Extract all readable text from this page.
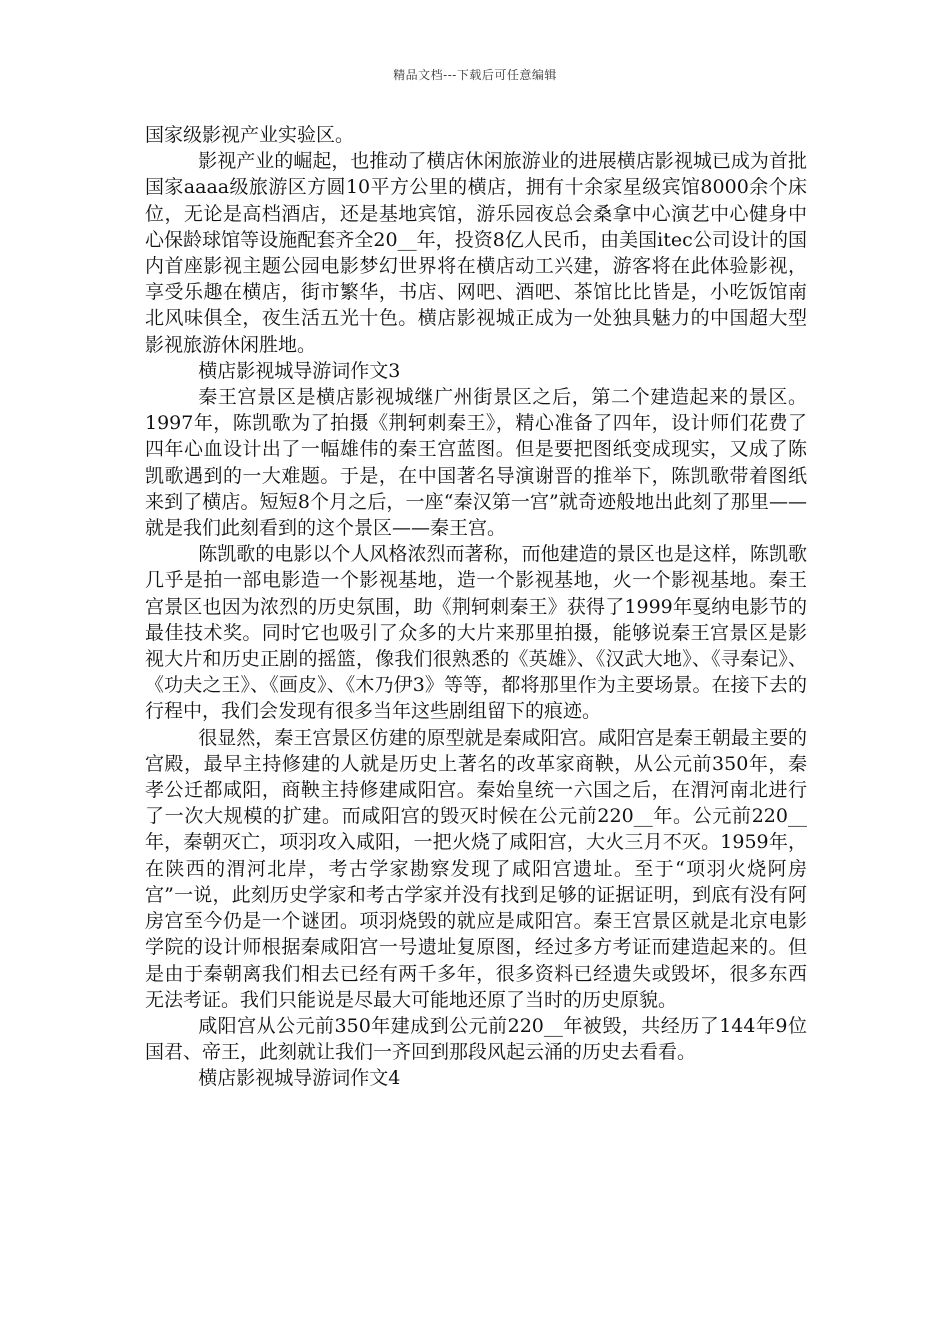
精品文档---下载后可任意编辑

国家级影视产业实验区。

影视产业的崛起，也推动了横店休闲旅游业的进展横店影视城已成为首批国家aaaa级旅游区方圆10平方公里的横店，拥有十余家星级宾馆8000余个床位，无论是高档酒店，还是基地宾馆，游乐园夜总会桑拿中心演艺中心健身中心保龄球馆等设施配套齐全20__年，投资8亿人民币，由美国itec公司设计的国内首座影视主题公园电影梦幻世界将在横店动工兴建，游客将在此体验影视，享受乐趣在横店，街市繁华，书店、网吧、酒吧、茶馆比比皆是，小吃饭馆南北风味俱全，夜生活五光十色。横店影视城正成为一处独具魅力的中国超大型影视旅游休闲胜地。

横店影视城导游词作文3

秦王宫景区是横店影视城继广州街景区之后，第二个建造起来的景区。1997年，陈凯歌为了拍摄《荆轲刺秦王》，精心准备了四年，设计师们花费了四年心血设计出了一幅雄伟的秦王宫蓝图。但是要把图纸变成现实，又成了陈凯歌遇到的一大难题。于是，在中国著名导演谢晋的推举下，陈凯歌带着图纸来到了横店。短短8个月之后，一座“秦汉第一宫”就奇迹般地出此刻了那里——就是我们此刻看到的这个景区——秦王宫。

陈凯歌的电影以个人风格浓烈而著称，而他建造的景区也是这样，陈凯歌几乎是拍一部电影造一个影视基地，造一个影视基地，火一个影视基地。秦王宫景区也因为浓烈的历史氛围，助《荆轲刺秦王》获得了1999年戛纳电影节的最佳技术奖。同时它也吸引了众多的大片来那里拍摄，能够说秦王宫景区是影视大片和历史正剧的摇篮，像我们很熟悉的《英雄》、《汉武大地》、《寻秦记》、《功夫之王》、《画皮》、《木乃伊3》等等，都将那里作为主要场景。在接下去的行程中，我们会发现有很多当年这些剧组留下的痕迹。

很显然，秦王宫景区仿建的原型就是秦咸阳宫。咸阳宫是秦王朝最主要的宫殿，最早主持修建的人就是历史上著名的改革家商鞅，从公元前350年，秦孝公迁都咸阳，商鞅主持修建咸阳宫。秦始皇统一六国之后，在渭河南北进行了一次大规模的扩建。而咸阳宫的毁灭时候在公元前220__年。公元前220__年，秦朝灭亡，项羽攻入咸阳，一把火烧了咸阳宫，大火三月不灭。1959年，在陕西的渭河北岸，考古学家勘察发现了咸阳宫遗址。至于“项羽火烧阿房宫”一说，此刻历史学家和考古学家并没有找到足够的证据证明，到底有没有阿房宫至今仍是一个谜团。项羽烧毁的就应是咸阳宫。秦王宫景区就是北京电影学院的设计师根据秦咸阳宫一号遗址复原图，经过多方考证而建造起来的。但是由于秦朝离我们相去已经有两千多年，很多资料已经遗失或毁坏，很多东西无法考证。我们只能说是尽最大可能地还原了当时的历史原貌。

咸阳宫从公元前350年建成到公元前220__年被毁，共经历了144年9位国君、帝王，此刻就让我们一齐回到那段风起云涌的历史去看看。

横店影视城导游词作文4
